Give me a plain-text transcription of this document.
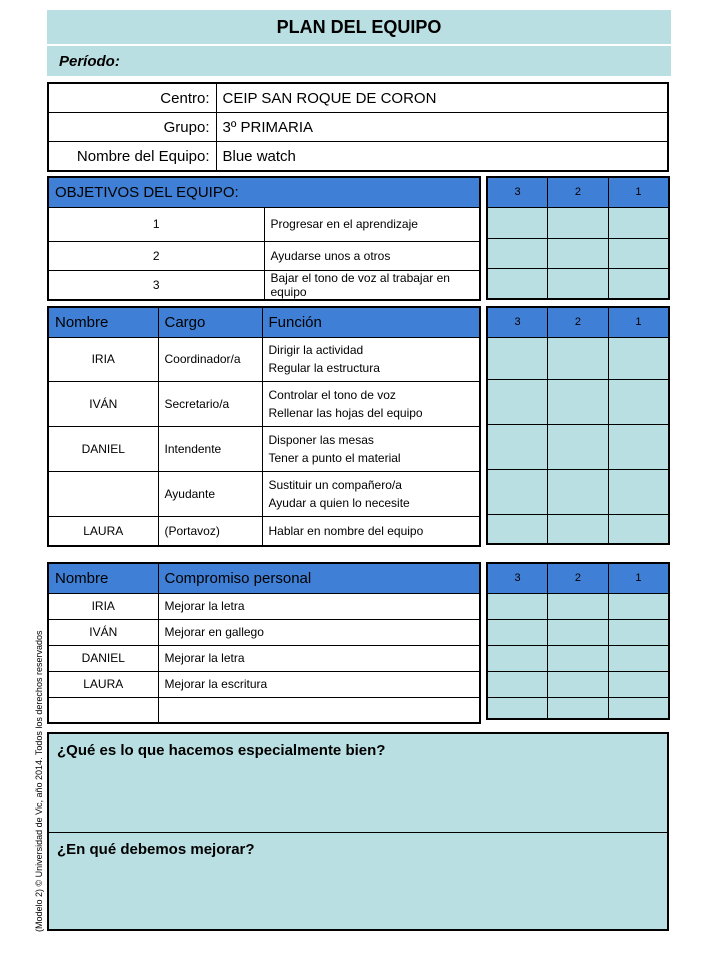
PLAN DEL EQUIPO
Período:
Centro:	CEIP SAN ROQUE DE CORON
Grupo:	3º PRIMARIA
Nombre del Equipo:	Blue watch
OBJETIVOS DEL EQUIPO:	
1	Progresar en el aprendizaje
2	Ayudarse unos a otros
3	Bajar el tono de voz al trabajar en equipo
3	2	1

Nombre	Cargo	Función
IRIA	Coordinador/a	Dirigir la actividad
Regular la estructura

IVÁN	Secretario/a	Controlar el tono de voz
Rellenar las hojas del equipo

DANIEL	Intendente	Disponer las mesas
Tener a punto el material

	Ayudante	Sustituir un compañero/a
Ayudar a quien lo necesite

LAURA	(Portavoz)	Hablar en nombre del equipo
3	2	1

Nombre	Compromiso personal
IRIA	Mejorar la letra
IVÁN	Mejorar en gallego
DANIEL	Mejorar la letra
LAURA	Mejorar la escritura

3	2	1

¿Qué es lo que hacemos especialmente bien?
¿En qué debemos mejorar?
(Modelo 2) © Universidad de Vic, año 2014. Todos los derechos reservados
